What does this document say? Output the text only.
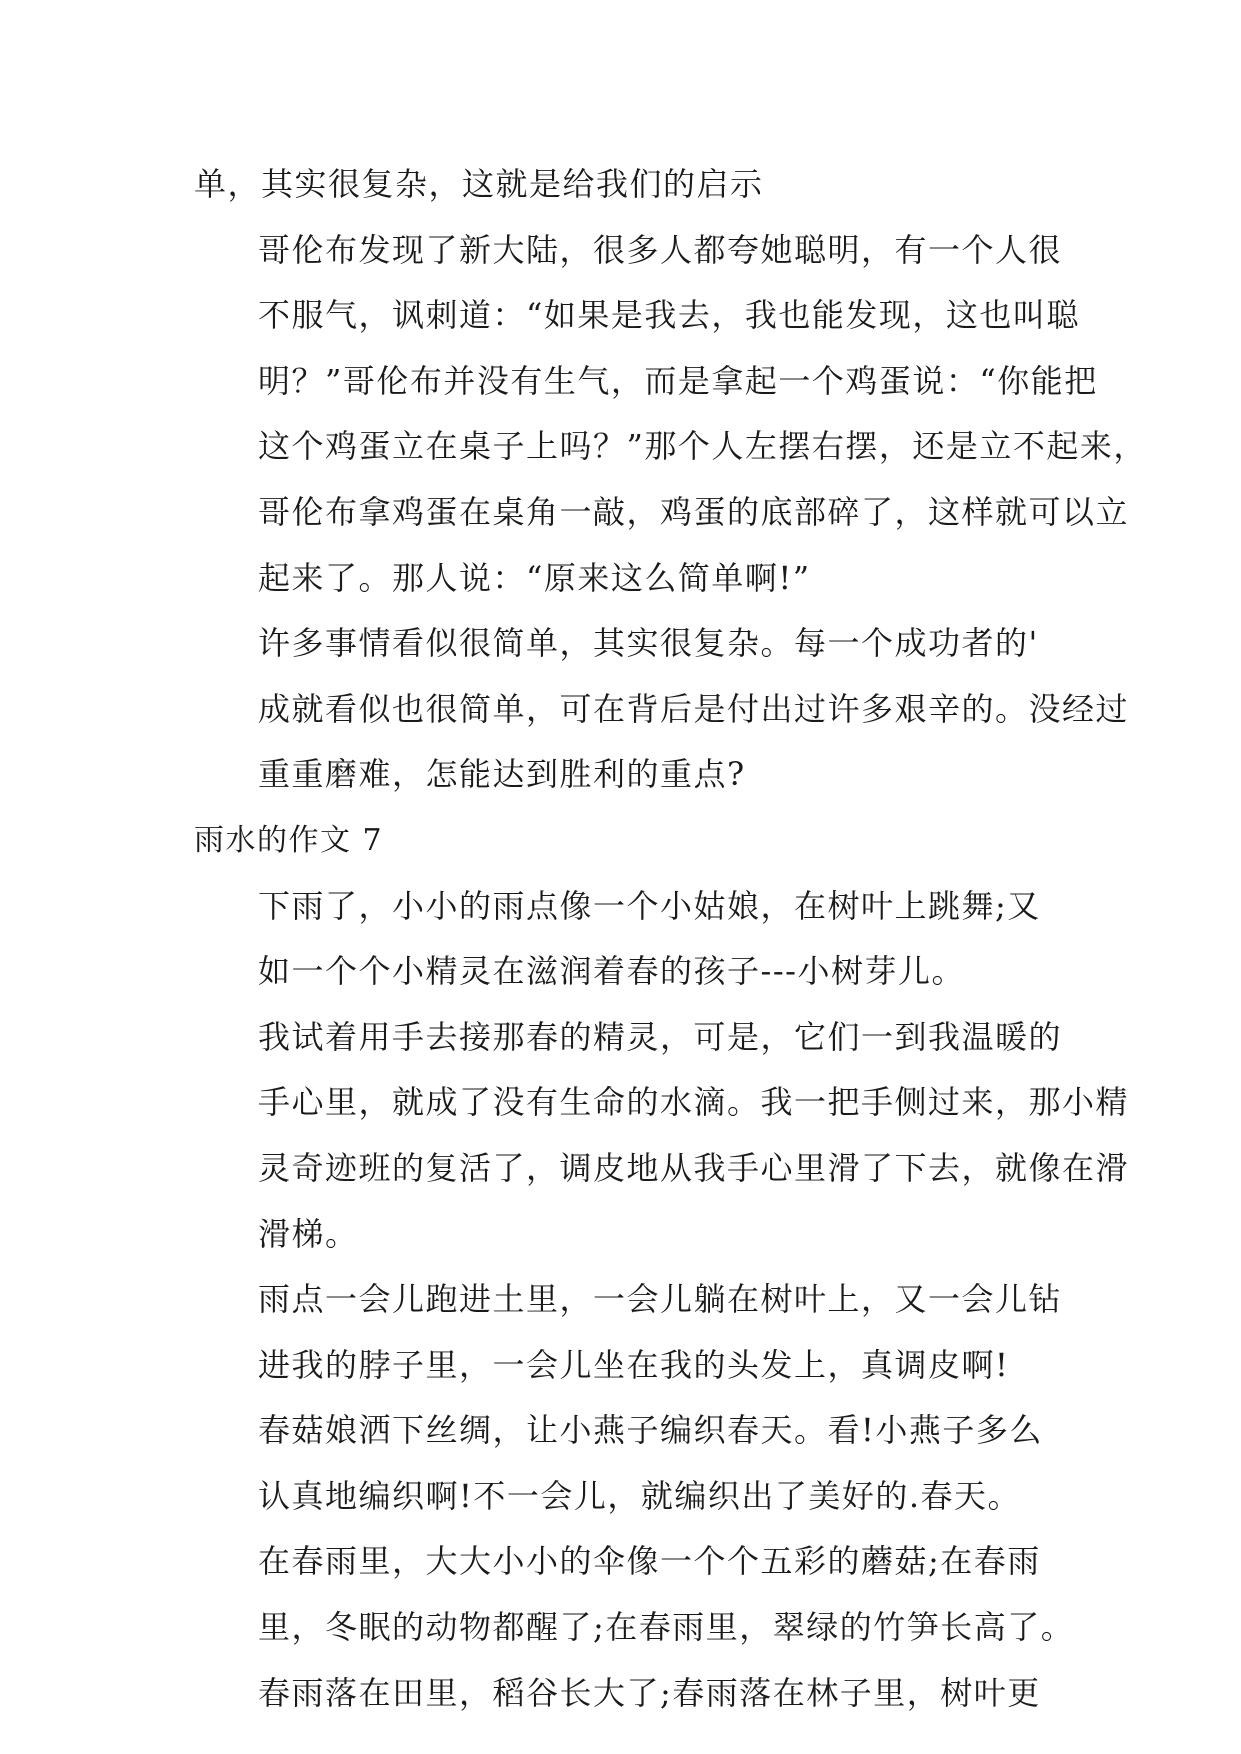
单，其实很复杂，这就是给我们的启示

哥伦布发现了新大陆，很多人都夸她聪明，有一个人很
不服气，讽刺道：“如果是我去，我也能发现，这也叫聪
明？”哥伦布并没有生气，而是拿起一个鸡蛋说：“你能把
这个鸡蛋立在桌子上吗？”那个人左摆右摆，还是立不起来，
哥伦布拿鸡蛋在桌角一敲，鸡蛋的底部碎了，这样就可以立
起来了。那人说：“原来这么简单啊!”

许多事情看似很简单，其实很复杂。每一个成功者的'
成就看似也很简单，可在背后是付出过许多艰辛的。没经过
重重磨难，怎能达到胜利的重点?

雨水的作文 7

下雨了，小小的雨点像一个小姑娘，在树叶上跳舞;又
如一个个小精灵在滋润着春的孩子---小树芽儿。

我试着用手去接那春的精灵，可是，它们一到我温暖的
手心里，就成了没有生命的水滴。我一把手侧过来，那小精
灵奇迹班的复活了，调皮地从我手心里滑了下去，就像在滑
滑梯。

雨点一会儿跑进土里，一会儿躺在树叶上，又一会儿钻
进我的脖子里，一会儿坐在我的头发上，真调皮啊!

春菇娘洒下丝绸，让小燕子编织春天。看!小燕子多么
认真地编织啊!不一会儿，就编织出了美好的.春天。

在春雨里，大大小小的伞像一个个五彩的蘑菇;在春雨
里，冬眠的动物都醒了;在春雨里，翠绿的竹笋长高了。

春雨落在田里，稻谷长大了;春雨落在林子里，树叶更
